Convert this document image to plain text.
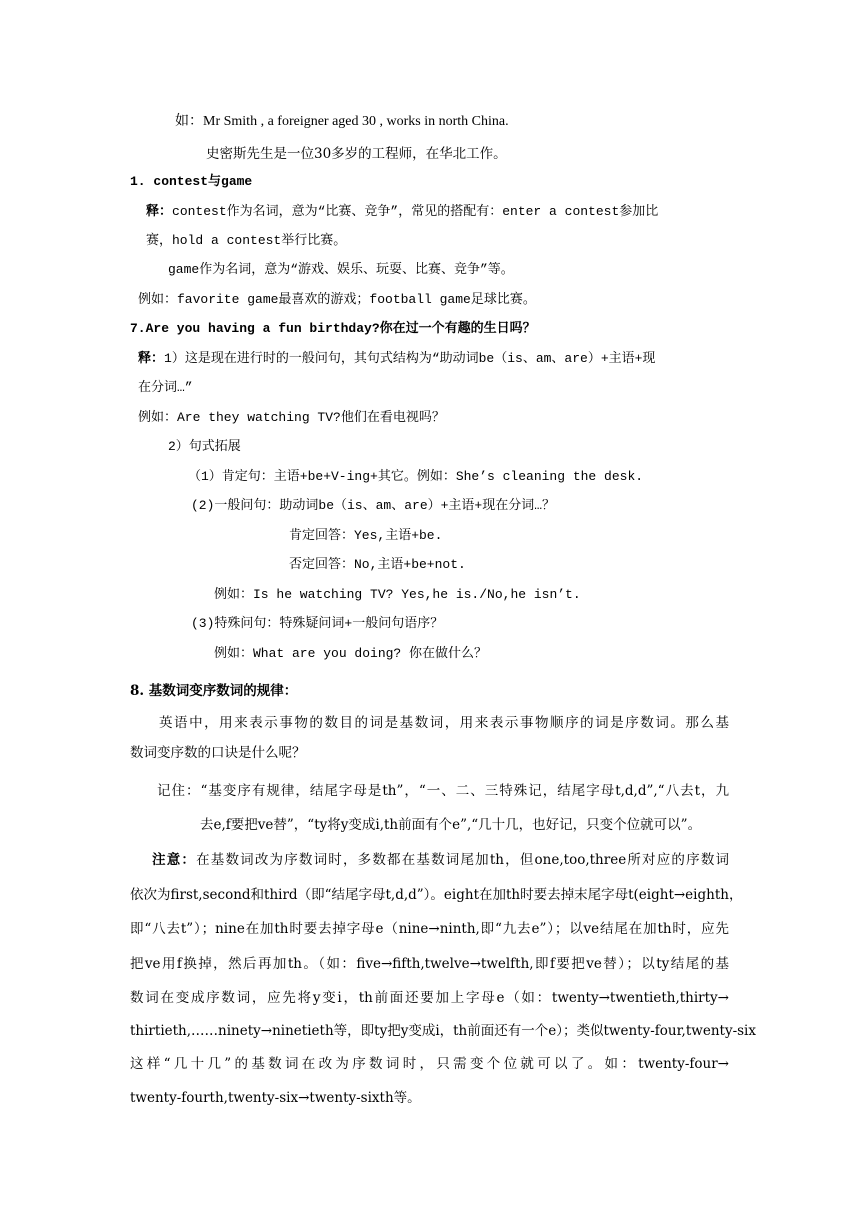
如：Mr Smith , a foreigner aged 30 , works in north China.
史密斯先生是一位30多岁的工程师，在华北工作。
1. contest与game
释：contest作为名词，意为“比赛、竞争”，常见的搭配有：enter a contest参加比
赛，hold a contest举行比赛。
game作为名词，意为“游戏、娱乐、玩耍、比赛、竞争”等。
例如：favorite game最喜欢的游戏；football game足球比赛。
7.Are you having a fun birthday?你在过一个有趣的生日吗？
释：1）这是现在进行时的一般问句，其句式结构为“助动词be（is、am、are）+主语+现
在分词…”
例如：Are they watching TV?他们在看电视吗？
2）句式拓展
（1）肯定句：主语+be+V-ing+其它。例如：She’s cleaning the desk.
(2)一般问句：助动词be（is、am、are）+主语+现在分词…？
肯定回答：Yes,主语+be.
否定回答：No,主语+be+not.
例如：Is he watching TV? Yes,he is./No,he isn’t.
(3)特殊问句：特殊疑问词+一般问句语序？
例如：What are you doing? 你在做什么？
8. 基数词变序数词的规律：
英语中，用来表示事物的数目的词是基数词，用来表示事物顺序的词是序数词。那么基
数词变序数的口诀是什么呢？
记住：“基变序有规律，结尾字母是th”，“一、二、三特殊记，结尾字母t,d,d”,“八去t，九
去e,f要把ve替”，“ty将y变成i,th前面有个e”,“几十几，也好记，只变个位就可以”。
注意：在基数词改为序数词时，多数都在基数词尾加th，但one,too,three所对应的序数词
依次为first,second和third（即“结尾字母t,d,d”）。eight在加th时要去掉末尾字母t(eight→eighth，
即“八去t”）；nine在加th时要去掉字母e（nine→ninth,即“九去e”）；以ve结尾在加th时，应先
把ve用f换掉，然后再加th。（如：five→fifth,twelve→twelfth,即f要把ve替）；以ty结尾的基
数词在变成序数词，应先将y变i，th前面还要加上字母e（如：twenty→twentieth,thirty→
thirtieth,……ninety→ninetieth等，即ty把y变成i，th前面还有一个e）；类似twenty-four,twenty-six
这样“几十几”的基数词在改为序数词时，只需变个位就可以了。如：twenty-four→
twenty-fourth,twenty-six→twenty-sixth等。
